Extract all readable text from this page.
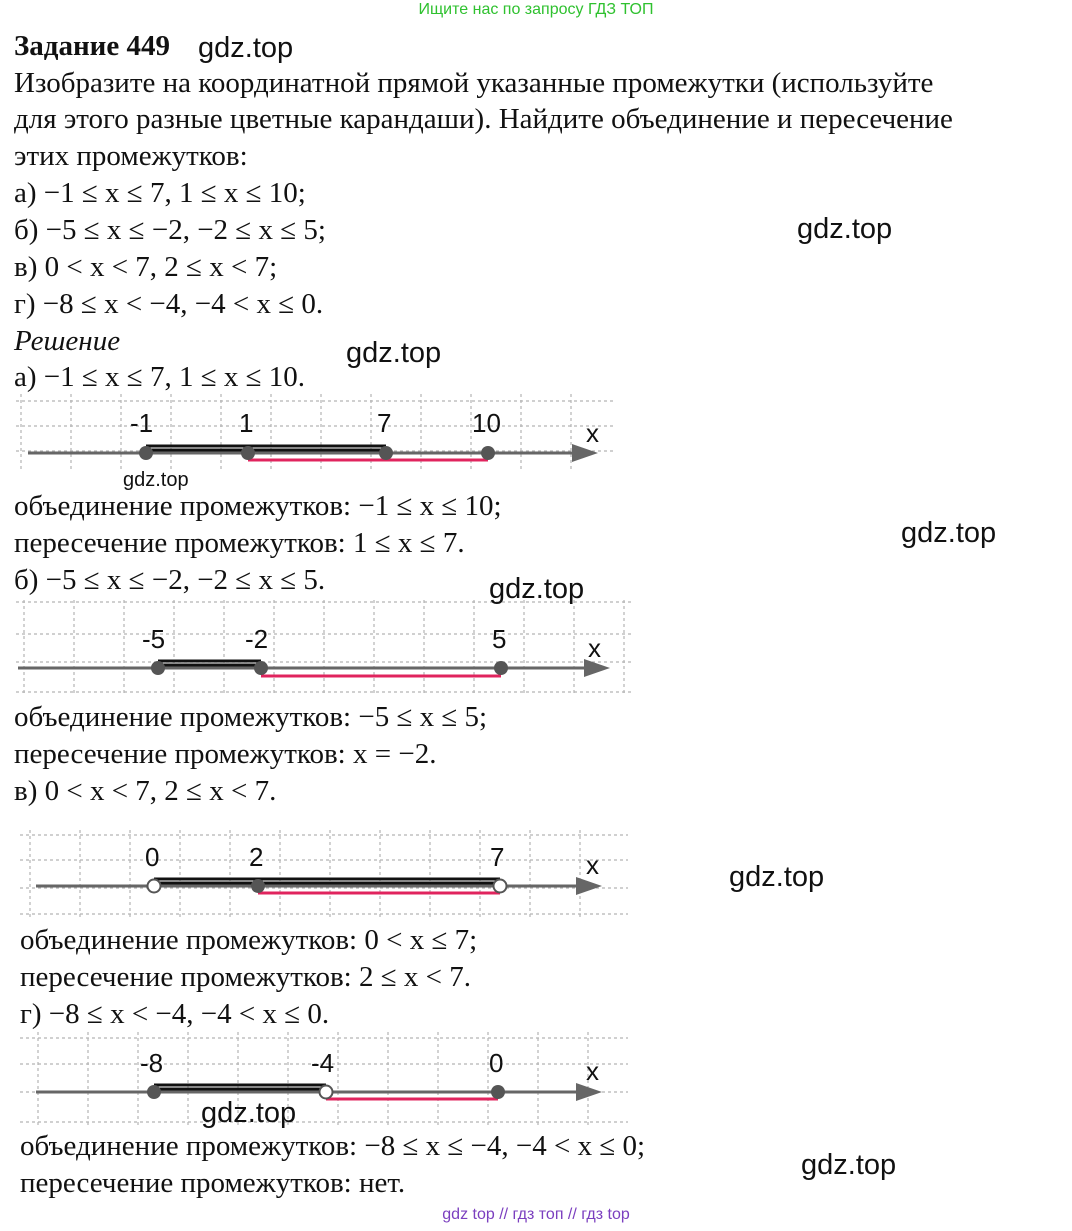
Ищите нас по запросу ГДЗ ТОП
gdz top // гдз топ // гдз top
Задание 449
Изобразите на координатной прямой указанные промежутки (используйте
для этого разные цветные карандаши). Найдите объединение и пересечение
этих промежутков:
а) −1 ≤ x ≤ 7, 1 ≤ x ≤ 10;
б) −5 ≤ x ≤ −2, −2 ≤ x ≤ 5;
в) 0 < x < 7, 2 ≤ x < 7;
г) −8 ≤ x < −4, −4 < x ≤ 0.
Решение
а) −1 ≤ x ≤ 7, 1 ≤ x ≤ 10.
x
-1	1	7	10
объединение промежутков: −1 ≤ x ≤ 10;
пересечение промежутков: 1 ≤ x ≤ 7.
б) −5 ≤ x ≤ −2, −2 ≤ x ≤ 5.
x
-5	-2	5
объединение промежутков: −5 ≤ x ≤ 5;
пересечение промежутков: x = −2.
в) 0 < x < 7, 2 ≤ x < 7.
x
0	2	7
объединение промежутков: 0 < x ≤ 7;
пересечение промежутков: 2 ≤ x < 7.
г) −8 ≤ x < −4, −4 < x ≤ 0.
x
-8	-4	0
объединение промежутков: −8 ≤ x ≤ −4, −4 < x ≤ 0;
пересечение промежутков: нет.
gdz.top
gdz.top
gdz.top
gdz.top
gdz.top
gdz.top
gdz.top
gdz.top
gdz.top
